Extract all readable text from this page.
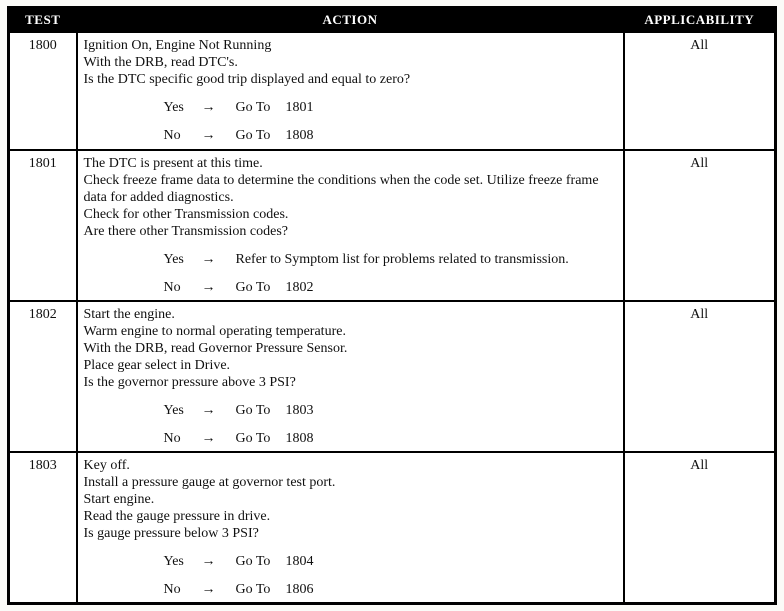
TEST	ACTION	APPLICABILITY
1800	Ignition On, Engine Not Running
With the DRB, read DTC's.
Is the DTC specific good trip displayed and equal to zero?
Yes	→	Go To 1801
No	→	Go To 1808
	All
1801	The DTC is present at this time.
Check freeze frame data to determine the conditions when the code set. Utilize freeze frame data for added diagnostics.
Check for other Transmission codes.
Are there other Transmission codes?
Yes	→	Refer to Symptom list for problems related to transmission.
No	→	Go To 1802
	All
1802	Start the engine.
Warm engine to normal operating temperature.
With the DRB, read Governor Pressure Sensor.
Place gear select in Drive.
Is the governor pressure above 3 PSI?
Yes	→	Go To 1803
No	→	Go To 1808
	All
1803	Key off.
Install a pressure gauge at governor test port.
Start engine.
Read the gauge pressure in drive.
Is gauge pressure below 3 PSI?
Yes	→	Go To 1804
No	→	Go To 1806
	All
